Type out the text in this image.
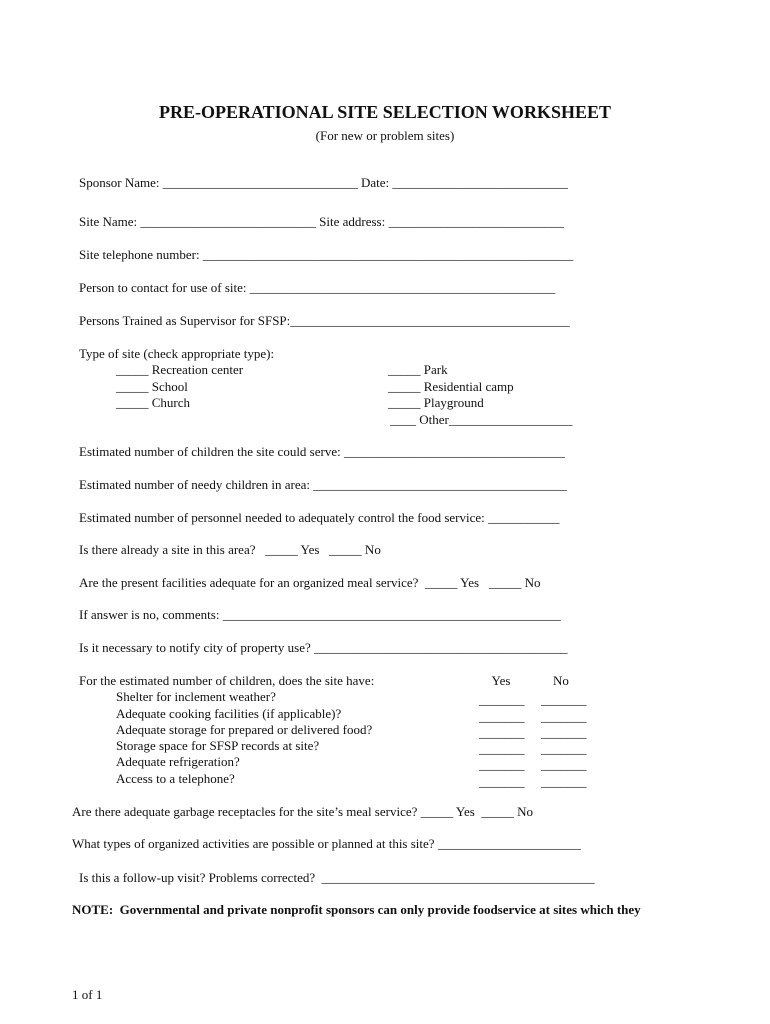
PRE-OPERATIONAL SITE SELECTION WORKSHEET
(For new or problem sites)
Sponsor Name: ______________________________ Date: ___________________________
Site Name: ___________________________ Site address: ___________________________
Site telephone number: _________________________________________________________
Person to contact for use of site: _______________________________________________
Persons Trained as Supervisor for SFSP:___________________________________________
Type of site (check appropriate type):
_____ Recreation center
_____ School
_____ Church
_____ Park
_____ Residential camp
_____ Playground
____ Other___________________
Estimated number of children the site could serve: __________________________________
Estimated number of needy children in area: _______________________________________
Estimated number of personnel needed to adequately control the food service: ___________
Is there already a site in this area?   _____ Yes   _____ No
Are the present facilities adequate for an organized meal service?  _____ Yes   _____ No
If answer is no, comments: ____________________________________________________
Is it necessary to notify city of property use? _______________________________________
For the estimated number of children, does the site have:	Yes	No
Shelter for inclement weather?
Adequate cooking facilities (if applicable)?
Adequate storage for prepared or delivered food?
Storage space for SFSP records at site?
Adequate refrigeration?
Access to a telephone?
_______ _______
_______ _______
_______ _______
_______ _______
_______ _______
_______ _______
Are there adequate garbage receptacles for the site’s meal service? _____ Yes  _____ No
What types of organized activities are possible or planned at this site? ______________________
Is this a follow-up visit? Problems corrected?  __________________________________________
NOTE:  Governmental and private nonprofit sponsors can only provide foodservice at sites which they
1 of 1
